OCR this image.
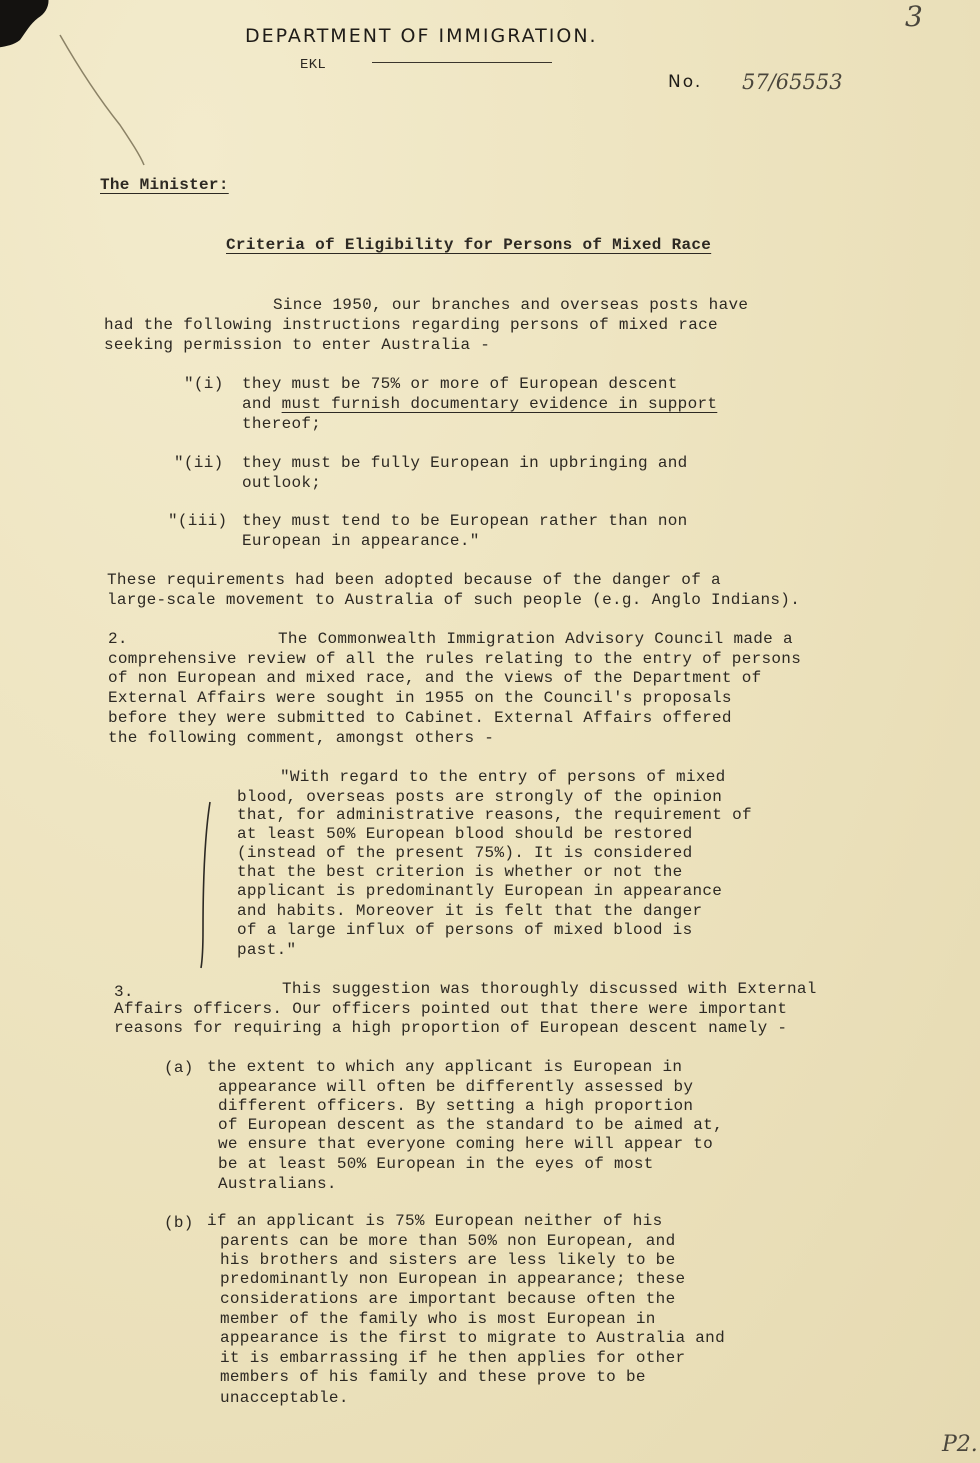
DEPARTMENT OF IMMIGRATION.
EKL
No. 57/65553
3
The Minister:
Criteria of Eligibility for Persons of Mixed Race
Since 1950, our branches and overseas posts have
had the following instructions regarding persons of mixed race
seeking permission to enter Australia -
"(i) they must be 75% or more of European descent
and must furnish documentary evidence in support
thereof;
"(ii) they must be fully European in upbringing and
outlook;
"(iii) they must tend to be European rather than non
European in appearance."
These requirements had been adopted because of the danger of a
large-scale movement to Australia of such people (e.g. Anglo Indians).
2.	The Commonwealth Immigration Advisory Council made a
comprehensive review of all the rules relating to the entry of persons
of non European and mixed race, and the views of the Department of
External Affairs were sought in 1955 on the Council's proposals
before they were submitted to Cabinet. External Affairs offered
the following comment, amongst others -
"With regard to the entry of persons of mixed
blood, overseas posts are strongly of the opinion
that, for administrative reasons, the requirement of
at least 50% European blood should be restored
(instead of the present 75%). It is considered
that the best criterion is whether or not the
applicant is predominantly European in appearance
and habits. Moreover it is felt that the danger
of a large influx of persons of mixed blood is
past."
3.	This suggestion was thoroughly discussed with External
Affairs officers. Our officers pointed out that there were important
reasons for requiring a high proportion of European descent namely -
(a) the extent to which any applicant is European in
appearance will often be differently assessed by
different officers. By setting a high proportion
of European descent as the standard to be aimed at,
we ensure that everyone coming here will appear to
be at least 50% European in the eyes of most
Australians.
(b) if an applicant is 75% European neither of his
parents can be more than 50% non European, and
his brothers and sisters are less likely to be
predominantly non European in appearance; these
considerations are important because often the
member of the family who is most European in
appearance is the first to migrate to Australia and
it is embarrassing if he then applies for other
members of his family and these prove to be
unacceptable.
P2.
